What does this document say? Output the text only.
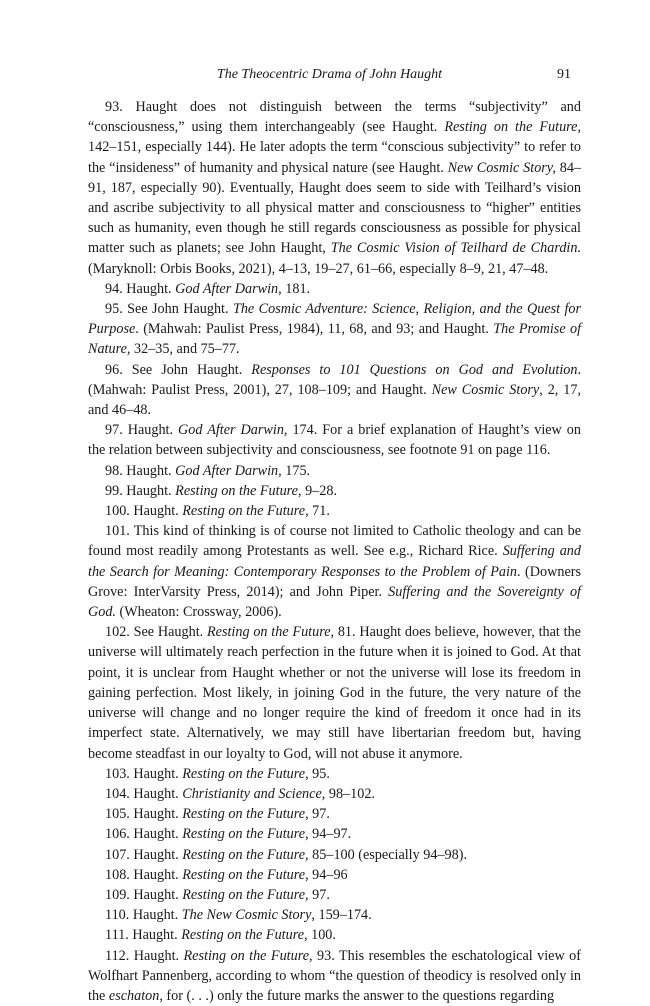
The Theocentric Drama of John Haught	91

93. Haught does not distinguish between the terms “subjectivity” and “consciousness,” using them interchangeably (see Haught. Resting on the Future, 142–151, especially 144). He later adopts the term “conscious subjectivity” to refer to the “insideness” of humanity and physical nature (see Haught. New Cosmic Story, 84–91, 187, especially 90). Eventually, Haught does seem to side with Teilhard’s vision and ascribe subjectivity to all physical matter and consciousness to “higher” entities such as humanity, even though he still regards consciousness as possible for physical matter such as planets; see John Haught, The Cosmic Vision of Teilhard de Chardin. (Maryknoll: Orbis Books, 2021), 4–13, 19–27, 61–66, especially 8–9, 21, 47–48.

94. Haught. God After Darwin, 181.

95. See John Haught. The Cosmic Adventure: Science, Religion, and the Quest for Purpose. (Mahwah: Paulist Press, 1984), 11, 68, and 93; and Haught. The Promise of Nature, 32–35, and 75–77.

96. See John Haught. Responses to 101 Questions on God and Evolution. (Mahwah: Paulist Press, 2001), 27, 108–109; and Haught. New Cosmic Story, 2, 17, and 46–48.

97. Haught. God After Darwin, 174. For a brief explanation of Haught’s view on the relation between subjectivity and consciousness, see footnote 91 on page 116.

98. Haught. God After Darwin, 175.

99. Haught. Resting on the Future, 9–28.

100. Haught. Resting on the Future, 71.

101. This kind of thinking is of course not limited to Catholic theology and can be found most readily among Protestants as well. See e.g., Richard Rice. Suffering and the Search for Meaning: Contemporary Responses to the Problem of Pain. (Downers Grove: InterVarsity Press, 2014); and John Piper. Suffering and the Sovereignty of God. (Wheaton: Crossway, 2006).

102. See Haught. Resting on the Future, 81. Haught does believe, however, that the universe will ultimately reach perfection in the future when it is joined to God. At that point, it is unclear from Haught whether or not the universe will lose its freedom in gaining perfection. Most likely, in joining God in the future, the very nature of the universe will change and no longer require the kind of freedom it once had in its imperfect state. Alternatively, we may still have libertarian freedom but, having become steadfast in our loyalty to God, will not abuse it anymore.

103. Haught. Resting on the Future, 95.

104. Haught. Christianity and Science, 98–102.

105. Haught. Resting on the Future, 97.

106. Haught. Resting on the Future, 94–97.

107. Haught. Resting on the Future, 85–100 (especially 94–98).

108. Haught. Resting on the Future, 94–96

109. Haught. Resting on the Future, 97.

110. Haught. The New Cosmic Story, 159–174.

111. Haught. Resting on the Future, 100.

112. Haught. Resting on the Future, 93. This resembles the eschatological view of Wolfhart Pannenberg, according to whom “the question of theodicy is resolved only in the eschaton, for (. . .) only the future marks the answer to the questions regarding
